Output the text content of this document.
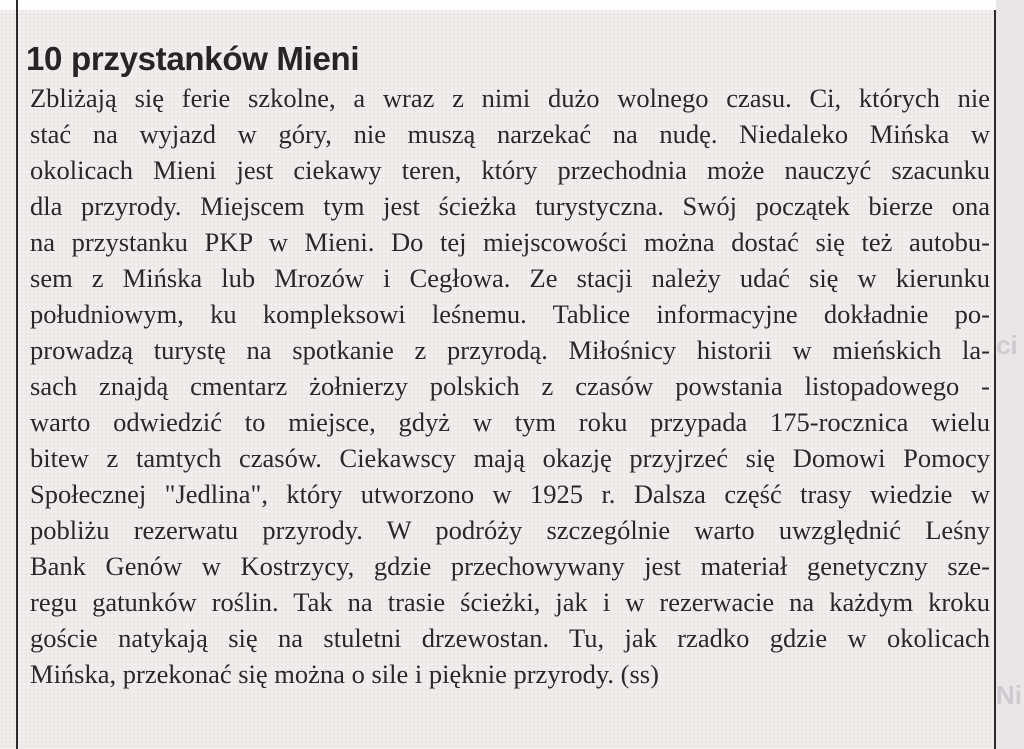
ci
Ni
10 przystanków Mieni
Zbliżają się ferie szkolne, a wraz z nimi dużo wolnego czasu. Ci, których nie
stać na wyjazd w góry, nie muszą narzekać na nudę. Niedaleko Mińska w
okolicach Mieni jest ciekawy teren, który przechodnia może nauczyć szacunku
dla przyrody. Miejscem tym jest ścieżka turystyczna. Swój początek bierze ona
na przystanku PKP w Mieni. Do tej miejscowości można dostać się też autobu-
sem z Mińska lub Mrozów i Cegłowa. Ze stacji należy udać się w kierunku
południowym, ku kompleksowi leśnemu. Tablice informacyjne dokładnie po-
prowadzą turystę na spotkanie z przyrodą. Miłośnicy historii w mieńskich la-
sach znajdą cmentarz żołnierzy polskich z czasów powstania listopadowego -
warto odwiedzić to miejsce, gdyż w tym roku przypada 175-rocznica wielu
bitew z tamtych czasów. Ciekawscy mają okazję przyjrzeć się Domowi Pomocy
Społecznej "Jedlina", który utworzono w 1925 r. Dalsza część trasy wiedzie w
pobliżu rezerwatu przyrody. W podróży szczególnie warto uwzględnić Leśny
Bank Genów w Kostrzycy, gdzie przechowywany jest materiał genetyczny sze-
regu gatunków roślin. Tak na trasie ścieżki, jak i w rezerwacie na każdym kroku
goście natykają się na stuletni drzewostan. Tu, jak rzadko gdzie w okolicach
Mińska, przekonać się można o sile i pięknie przyrody. (ss)
